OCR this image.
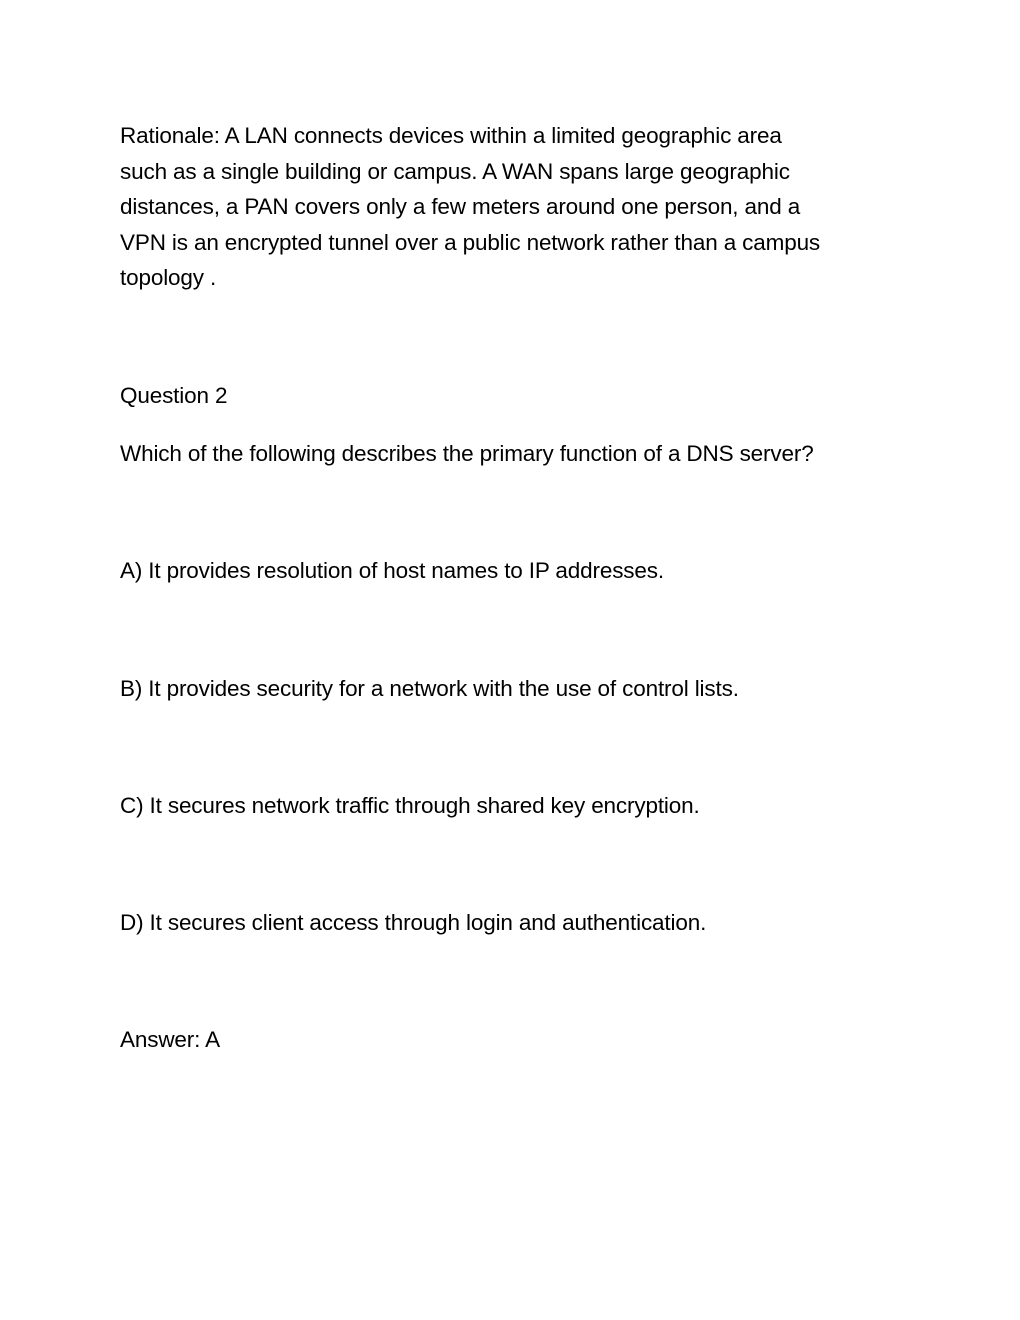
Rationale: A LAN connects devices within a limited geographic area
such as a single building or campus. A WAN spans large geographic
distances, a PAN covers only a few meters around one person, and a
VPN is an encrypted tunnel over a public network rather than a campus
topology .

Question 2

Which of the following describes the primary function of a DNS server?

A) It provides resolution of host names to IP addresses.

B) It provides security for a network with the use of control lists.

C) It secures network traffic through shared key encryption.

D) It secures client access through login and authentication.

Answer: A
